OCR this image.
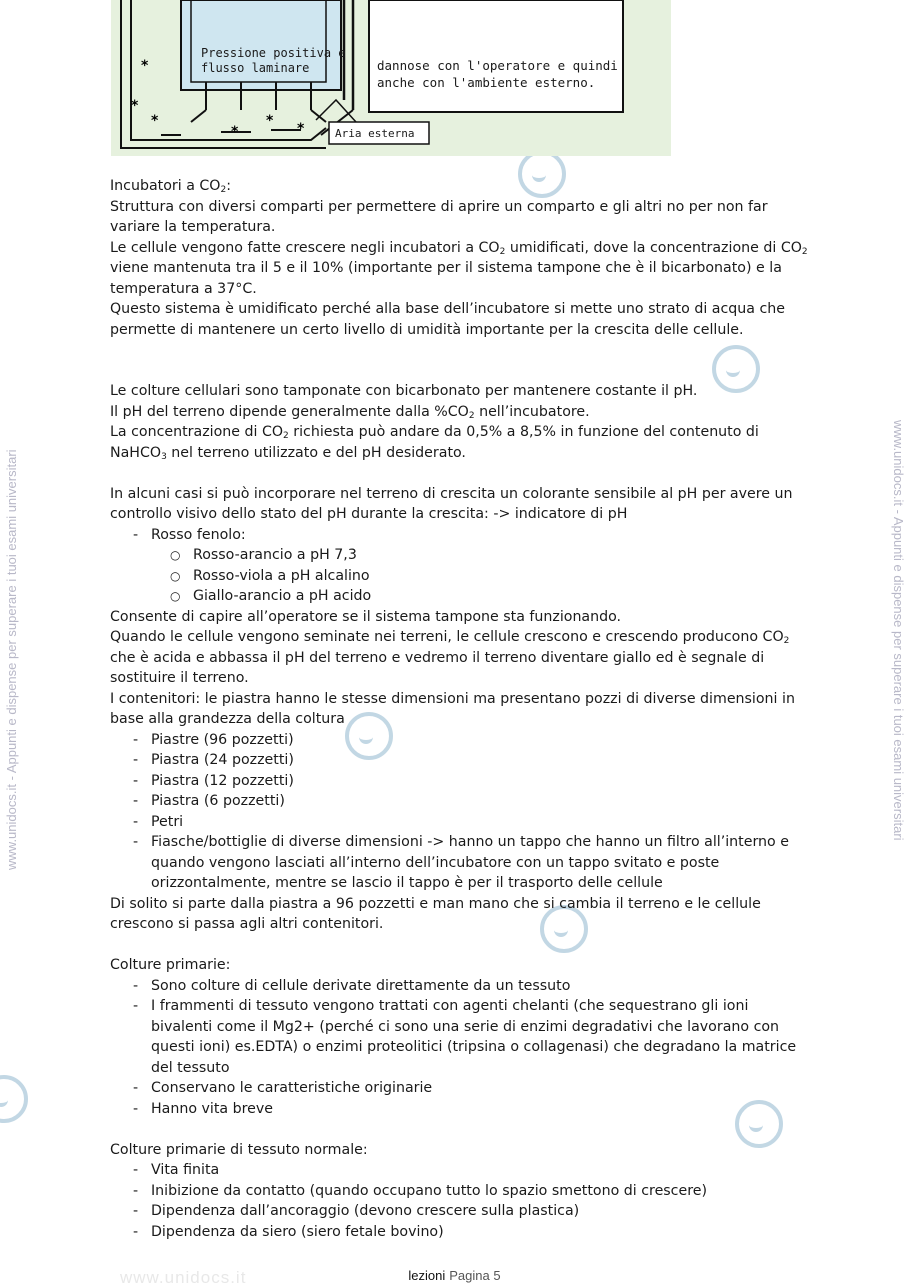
www.unidocs.it
www.unidocs.it - Appunti e dispense per superare i tuoi esami universitari	www.unidocs.it - Appunti e dispense per superare i tuoi esami universitari
*
*
*
*
* *
Pressione positiva e
flusso laminare	dannose con l'operatore e quindi
anche con l'ambiente esterno.
Aria esterna

Incubatori a $CO_2$:

Struttura con diversi comparti per permettere di aprire un comparto e gli altri no per non far variare la temperatura.

Le cellule vengono fatte crescere negli incubatori a $CO_2$ umidificati, dove la concentrazione di $CO_2$ viene mantenuta tra il 5 e il 10% (importante per il sistema tampone che è il bicarbonato) e la temperatura a 37°C.

Questo sistema è umidificato perché alla base dell’incubatore si mette uno strato di acqua che permette di mantenere un certo livello di umidità importante per la crescita delle cellule.

Le colture cellulari sono tamponate con bicarbonato per mantenere costante il pH.

Il pH del terreno dipende generalmente dalla $\%CO_2$ nell’incubatore.

La concentrazione di $CO_2$ richiesta può andare da 0,5% a 8,5% in funzione del contenuto di NaHCO$_3$ nel terreno utilizzato e del pH desiderato.

In alcuni casi si può incorporare nel terreno di crescita un colorante sensibile al pH per avere un controllo visivo dello stato del pH durante la crescita: -> indicatore di pH

- Rosso fenolo:
○ Rosso-arancio a pH 7,3
○ Rosso-viola a pH alcalino
○ Giallo-arancio a pH acido

Consente di capire all’operatore se il sistema tampone sta funzionando.

Quando le cellule vengono seminate nei terreni, le cellule crescono e crescendo producono $CO_2$ che è acida e abbassa il pH del terreno e vedremo il terreno diventare giallo ed è segnale di sostituire il terreno.

I contenitori: le piastra hanno le stesse dimensioni ma presentano pozzi di diverse dimensioni in base alla grandezza della coltura

- Piastre (96 pozzetti)
- Piastra (24 pozzetti)
- Piastra (12 pozzetti)
- Piastra (6 pozzetti)
- Petri
- Fiasche/bottiglie di diverse dimensioni -> hanno un tappo che hanno un filtro all’interno e quando vengono lasciati all’interno dell’incubatore con un tappo svitato e poste orizzontalmente, mentre se lascio il tappo è per il trasporto delle cellule

Di solito si parte dalla piastra a 96 pozzetti e man mano che si cambia il terreno e le cellule crescono si passa agli altri contenitori.

Colture primarie:

- Sono colture di cellule derivate direttamente da un tessuto
- I frammenti di tessuto vengono trattati con agenti chelanti (che sequestrano gli ioni bivalenti come il Mg2+ (perché ci sono una serie di enzimi degradativi che lavorano con questi ioni) es.EDTA) o enzimi proteolitici (tripsina o collagenasi) che degradano la matrice del tessuto
- Conservano le caratteristiche originarie
- Hanno vita breve

Colture primarie di tessuto normale:

- Vita finita
- Inibizione da contatto (quando occupano tutto lo spazio smettono di crescere)
- Dipendenza dall’ancoraggio (devono crescere sulla plastica)
- Dipendenza da siero (siero fetale bovino)
lezioni Pagina 5
